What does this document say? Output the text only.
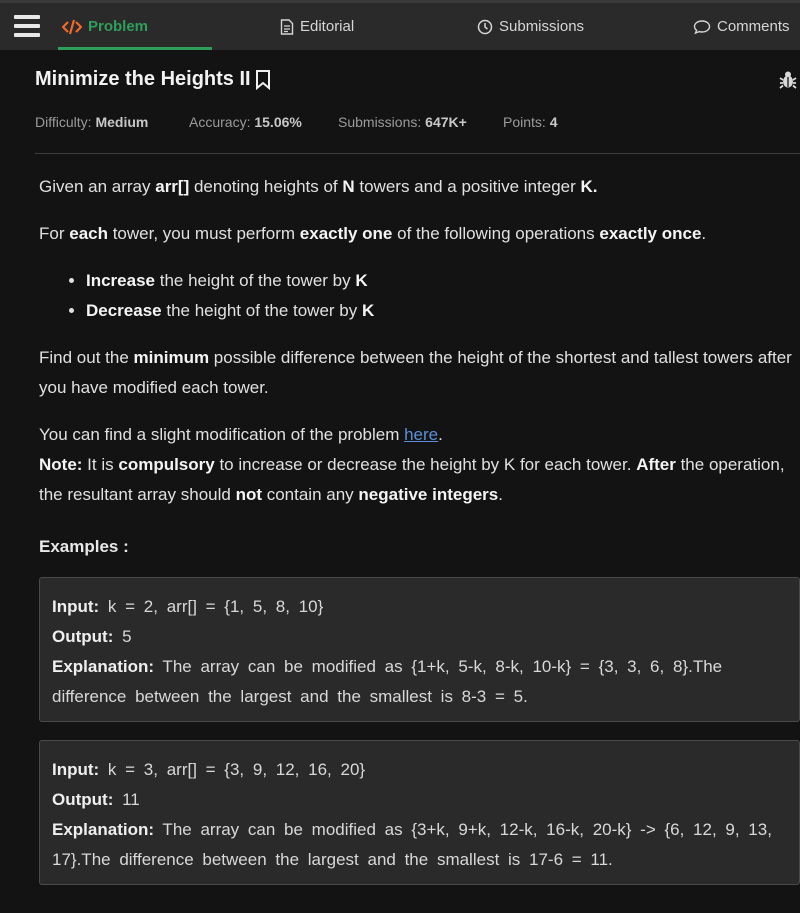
Problem	Editorial	Submissions	Comments
Minimize the Heights II
Difficulty: Medium	Accuracy: 15.06%	Submissions: 647K+	Points: 4

Given an array arr[] denoting heights of N towers and a positive integer K.

For each tower, you must perform exactly one of the following operations exactly once.

• Increase the height of the tower by K
• Decrease the height of the tower by K

Find out the minimum possible difference between the height of the shortest and tallest towers after you have modified each tower.

You can find a slight modification of the problem here.

Note: It is compulsory to increase or decrease the height by K for each tower. After the operation, the resultant array should not contain any negative integers.

Examples :

Input: k = 2, arr[] = {1, 5, 8, 10}
Output: 5
Explanation: The array can be modified as {1+k, 5-k, 8-k, 10-k} = {3, 3, 6, 8}.The difference between the largest and the smallest is 8-3 = 5.
Input: k = 3, arr[] = {3, 9, 12, 16, 20}
Output: 11
Explanation: The array can be modified as {3+k, 9+k, 12-k, 16-k, 20-k} -> {6, 12, 9, 13, 17}.The difference between the largest and the smallest is 17-6 = 11.
